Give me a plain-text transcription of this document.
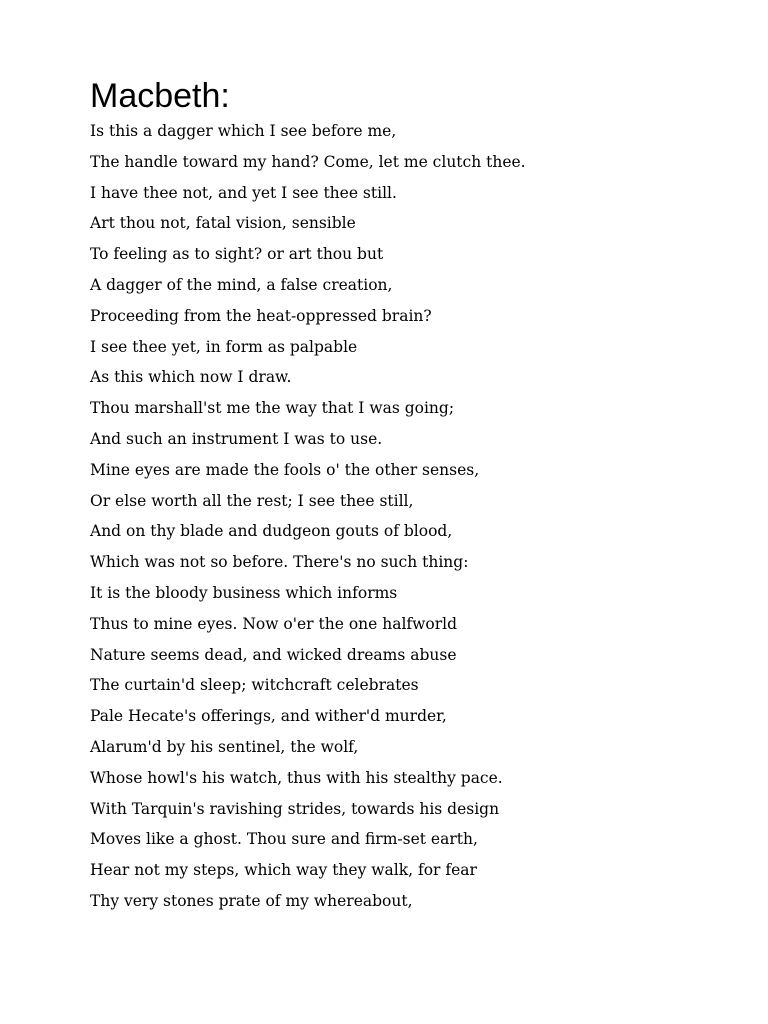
Macbeth:
Is this a dagger which I see before me,
The handle toward my hand? Come, let me clutch thee.
I have thee not, and yet I see thee still.
Art thou not, fatal vision, sensible
To feeling as to sight? or art thou but
A dagger of the mind, a false creation,
Proceeding from the heat-oppressed brain?
I see thee yet, in form as palpable
As this which now I draw.
Thou marshall'st me the way that I was going;
And such an instrument I was to use.
Mine eyes are made the fools o' the other senses,
Or else worth all the rest; I see thee still,
And on thy blade and dudgeon gouts of blood,
Which was not so before. There's no such thing:
It is the bloody business which informs
Thus to mine eyes. Now o'er the one halfworld
Nature seems dead, and wicked dreams abuse
The curtain'd sleep; witchcraft celebrates
Pale Hecate's offerings, and wither'd murder,
Alarum'd by his sentinel, the wolf,
Whose howl's his watch, thus with his stealthy pace.
With Tarquin's ravishing strides, towards his design
Moves like a ghost. Thou sure and firm-set earth,
Hear not my steps, which way they walk, for fear
Thy very stones prate of my whereabout,
